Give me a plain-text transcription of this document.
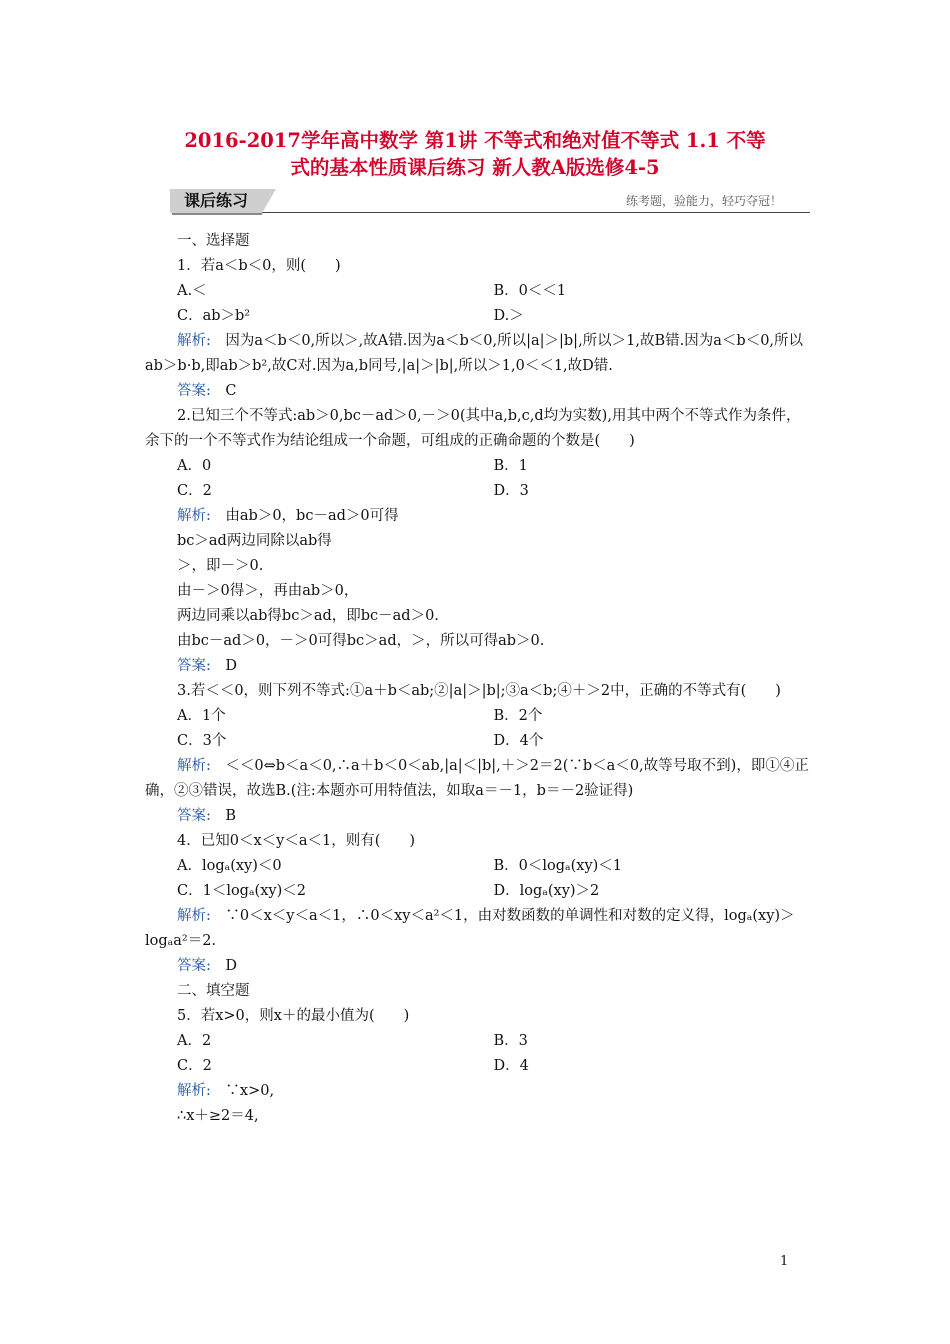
2016-2017学年高中数学 第1讲 不等式和绝对值不等式 1.1 不等
式的基本性质课后练习 新人教A版选修4-5
课后练习	练考题，验能力，轻巧夺冠！
一、选择题
1．若a＜b＜0，则(　　)
A.＜	B．0＜＜1
C．ab＞b²	D.＞
解析:　因为a＜b＜0,所以＞,故A错.因为a＜b＜0,所以|a|＞|b|,所以＞1,故B错.因为a＜b＜0,所以ab＞b·b,即ab＞b²,故C对.因为a,b同号,|a|＞|b|,所以＞1,0＜＜1,故D错.
答案:　C
2.已知三个不等式:ab＞0,bc－ad＞0,－＞0(其中a,b,c,d均为实数),用其中两个不等式作为条件，余下的一个不等式作为结论组成一个命题，可组成的正确命题的个数是(　　)
A．0	B．1
C．2	D．3
解析:　由ab＞0，bc－ad＞0可得
bc＞ad两边同除以ab得
＞，即－＞0.
由－＞0得＞，再由ab＞0，
两边同乘以ab得bc＞ad，即bc－ad＞0.
由bc－ad＞0，－＞0可得bc＞ad，＞，所以可得ab＞0.
答案:　D
3.若＜＜0，则下列不等式:①a＋b＜ab;②|a|＞|b|;③a＜b;④＋＞2中，正确的不等式有(　　)
A．1个	B．2个
C．3个	D．4个
解析:　＜＜0⇔b＜a＜0,∴a＋b＜0＜ab,|a|＜|b|,＋＞2＝2(∵b＜a＜0,故等号取不到)，即①④正确，②③错误，故选B.(注:本题亦可用特值法，如取a＝－1，b＝－2验证得)
答案:　B
4．已知0＜x＜y＜a＜1，则有(　　)
A．logₐ(xy)＜0	B．0＜logₐ(xy)＜1
C．1＜logₐ(xy)＜2	D．logₐ(xy)＞2
解析:　∵0＜x＜y＜a＜1，∴0＜xy＜a²＜1，由对数函数的单调性和对数的定义得，logₐ(xy)＞logₐa²＝2.
答案:　D
二、填空题
5．若x>0，则x＋的最小值为(　　)
A．2	B．3
C．2	D．4
解析:　∵x>0,
∴x＋≥2＝4,
1
